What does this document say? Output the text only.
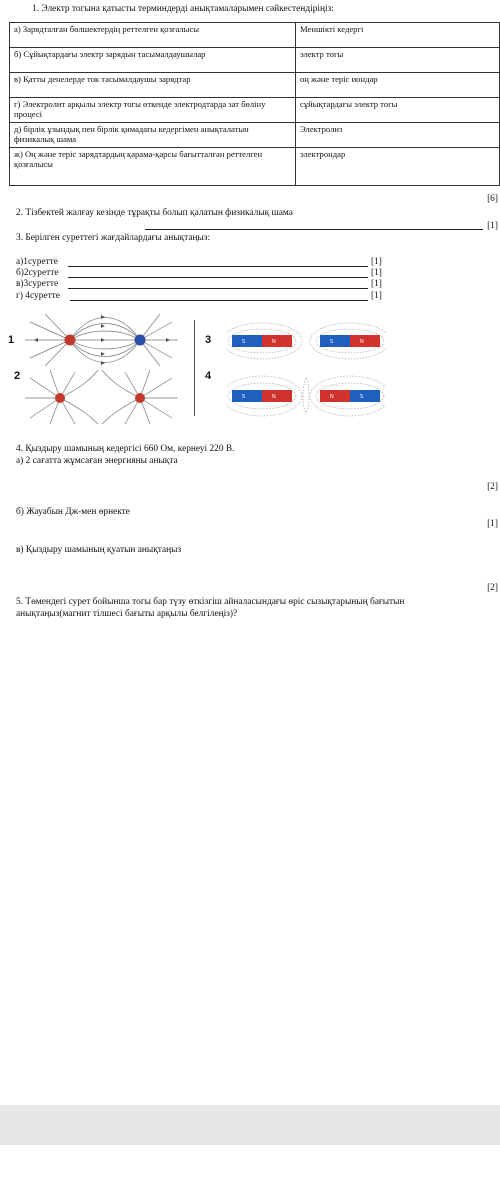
1. Электр тогына қатысты терминдерді анықтамаларымен сәйкестендіріңіз:
а) Зарядталған бөлшектердің реттелген қозғалысы	Меншікті кедергі
б) Сұйықтардағы электр зарядын тасымалдаушылар	электр тогы
в) Қатты денелерде ток тасымалдаушы зарядтар	оң және теріс иондар
г) Электролит арқылы электр тогы өткенде электродтарда зат бөліну процесі	сұйықтардағы электр тогы
д) бірлік ұзындық пен бірлік қимадағы кедергімен анықталатын физикалық шама	Электролиз
ж) Оң және теріс зарядтардың қарама-қарсы бағытталған реттелген қозғалысы	электрондар
[6]
2. Тізбектей жалғау кезінде тұрақты болып қалатын физикалық шама
[1]
3. Берілген суреттегі жағдайлардағы анықтаңыз:
а)1суретте	[1]
б)2суретте	[1]
в)3суретте	[1]
г) 4суретте	[1]
1
2
S	N	S	N
3
S	N	N	S
4
4. Қыздыру шамының кедергісі 660 Ом, кернеуі 220 В.
а) 2 сағатта жұмсаған энергияны анықта
[2]
б) Жауабын Дж-мен өрнекте
[1]
в) Қыздыру шамының қуатын анықтаңыз
[2]
5. Төмендегі сурет бойынша тогы бар түзу өткізгіш айналасындағы өріс сызықтарының бағытын
анықтаңыз(магнит тілшесі бағыты арқылы белгілеңіз)?
